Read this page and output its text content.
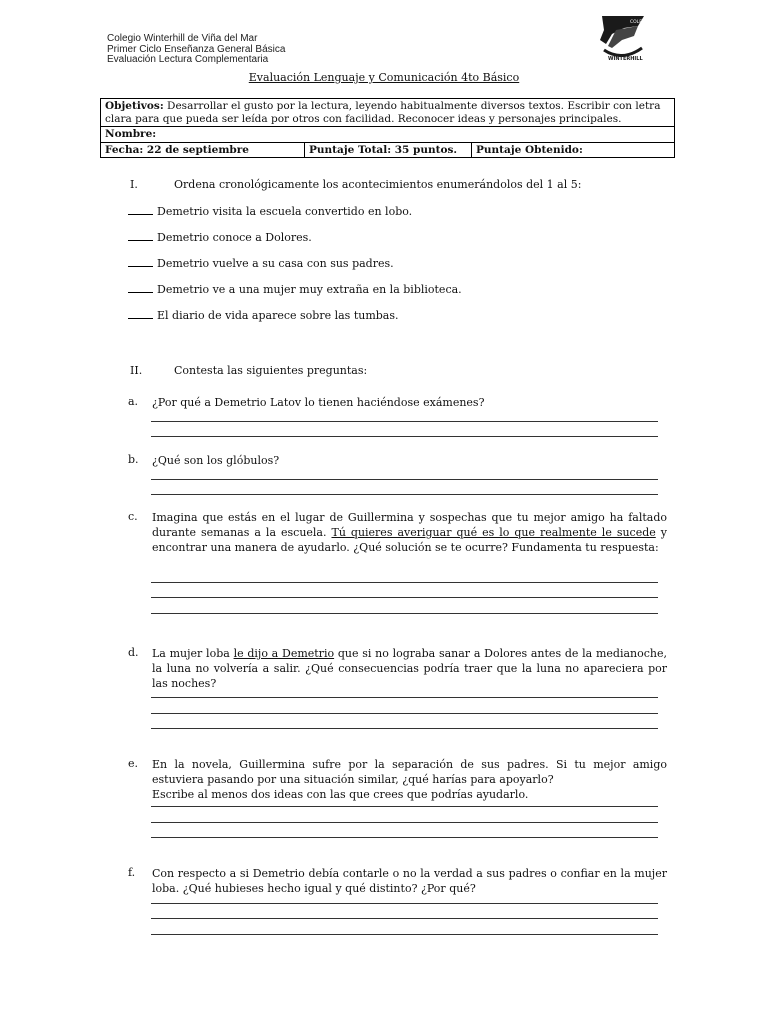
Colegio Winterhill de Viña del Mar
Primer Ciclo Enseñanza General Básica
Evaluación Lectura Complementaria
COLEGIO
WINTERHILL
Evaluación Lenguaje y Comunicación 4to Básico
Objetivos: Desarrollar el gusto por la lectura, leyendo habitualmente diversos textos. Escribir con letra clara para que pueda ser leída por otros con facilidad. Reconocer ideas y personajes principales.
Nombre:
Fecha: 22 de septiembre	Puntaje Total: 35 puntos.	Puntaje Obtenido:
I.	Ordena cronológicamente los acontecimientos enumerándolos del 1 al 5:
Demetrio visita la escuela convertido en lobo.
Demetrio conoce a Dolores.
Demetrio vuelve a su casa con sus padres.
Demetrio ve a una mujer muy extraña en la biblioteca.
El diario de vida aparece sobre las tumbas.
II.	Contesta las siguientes preguntas:
a.	¿Por qué a Demetrio Latov lo tienen haciéndose exámenes?
b.	¿Qué son los glóbulos?
c.	Imagina que estás en el lugar de Guillermina y sospechas que tu mejor amigo ha faltado durante semanas a la escuela. Tú quieres averiguar qué es lo que realmente le sucede y encontrar una manera de ayudarlo. ¿Qué solución se te ocurre? Fundamenta tu respuesta:
d.	La mujer loba le dijo a Demetrio que si no lograba sanar a Dolores antes de la medianoche, la luna no volvería a salir. ¿Qué consecuencias podría traer que la luna no apareciera por las noches?
e.	En la novela, Guillermina sufre por la separación de sus padres. Si tu mejor amigo estuviera pasando por una situación similar, ¿qué harías para apoyarlo?
Escribe al menos dos ideas con las que crees que podrías ayudarlo.
f.	Con respecto a si Demetrio debía contarle o no la verdad a sus padres o confiar en la mujer loba. ¿Qué hubieses hecho igual y qué distinto? ¿Por qué?
